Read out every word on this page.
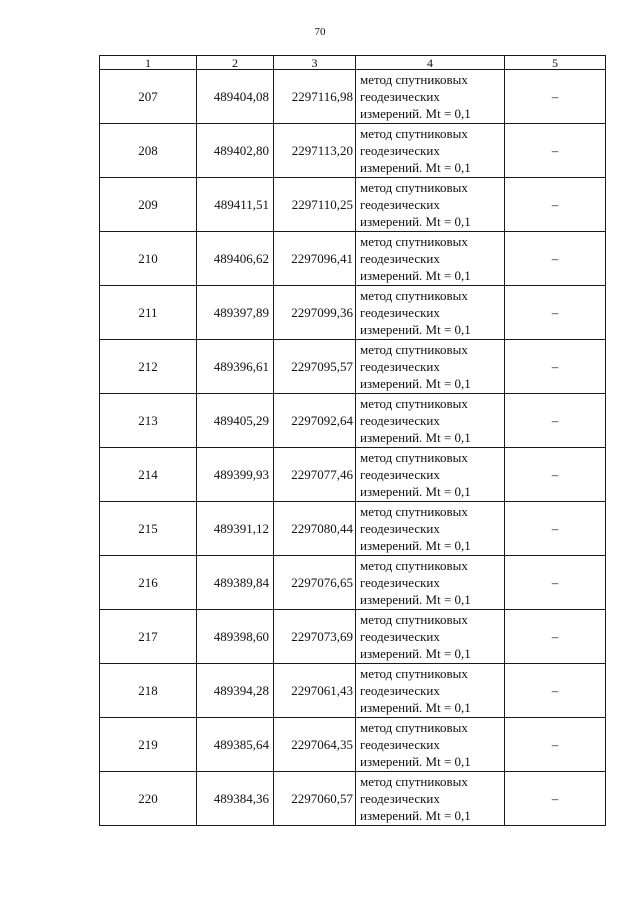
70
1	2	3	4	5
207	489404,08	2297116,98	метод спутниковых
геодезических
измерений. Mt = 0,1	–
208	489402,80	2297113,20	метод спутниковых
геодезических
измерений. Mt = 0,1	–
209	489411,51	2297110,25	метод спутниковых
геодезических
измерений. Mt = 0,1	–
210	489406,62	2297096,41	метод спутниковых
геодезических
измерений. Mt = 0,1	–
211	489397,89	2297099,36	метод спутниковых
геодезических
измерений. Mt = 0,1	–
212	489396,61	2297095,57	метод спутниковых
геодезических
измерений. Mt = 0,1	–
213	489405,29	2297092,64	метод спутниковых
геодезических
измерений. Mt = 0,1	–
214	489399,93	2297077,46	метод спутниковых
геодезических
измерений. Mt = 0,1	–
215	489391,12	2297080,44	метод спутниковых
геодезических
измерений. Mt = 0,1	–
216	489389,84	2297076,65	метод спутниковых
геодезических
измерений. Mt = 0,1	–
217	489398,60	2297073,69	метод спутниковых
геодезических
измерений. Mt = 0,1	–
218	489394,28	2297061,43	метод спутниковых
геодезических
измерений. Mt = 0,1	–
219	489385,64	2297064,35	метод спутниковых
геодезических
измерений. Mt = 0,1	–
220	489384,36	2297060,57	метод спутниковых
геодезических
измерений. Mt = 0,1	–
